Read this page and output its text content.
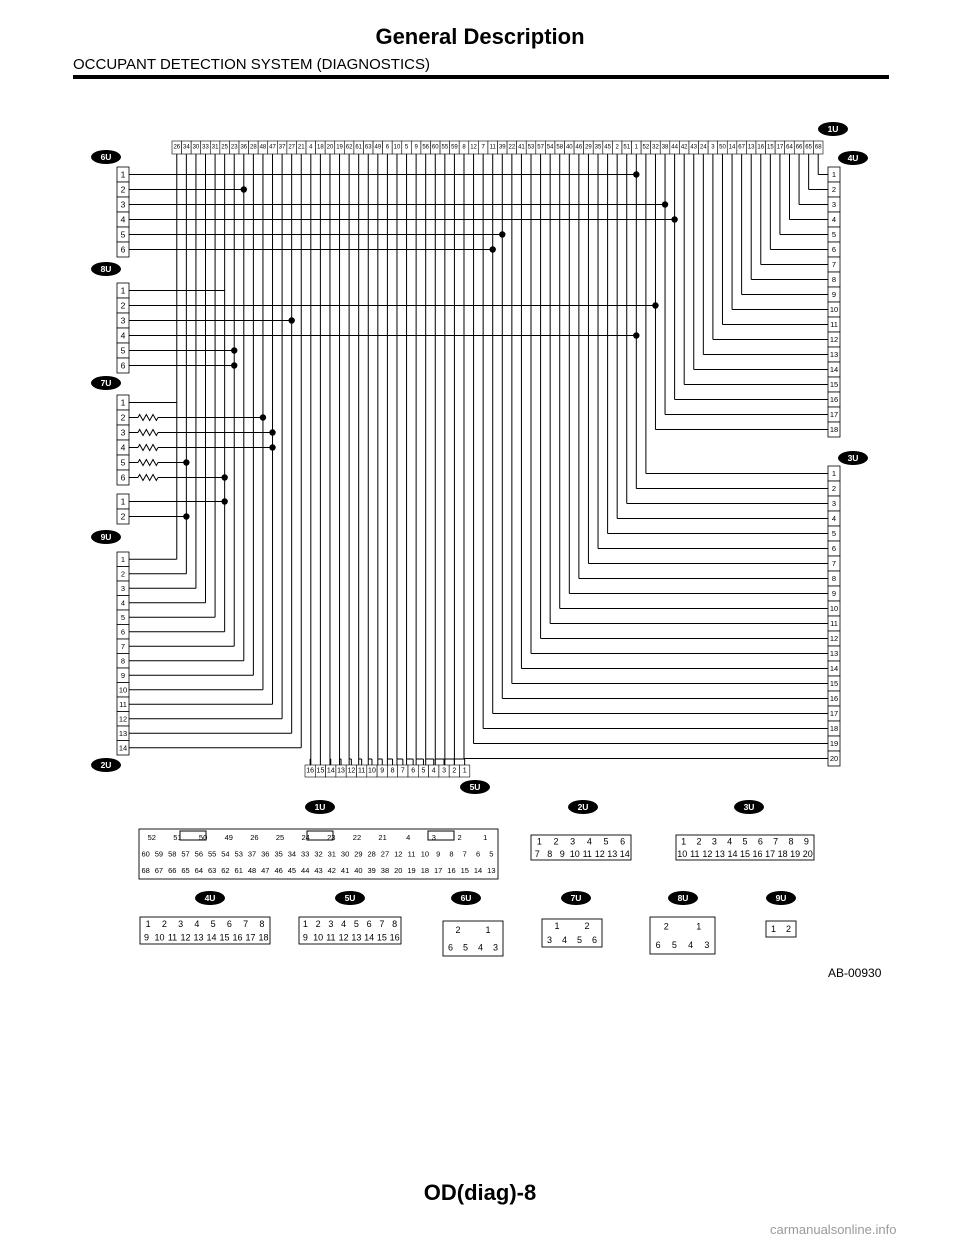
General Description
OCCUPANT DETECTION SYSTEM (DIAGNOSTICS)
26 34 30 33 31 25 23 36 28 48 47 37 27 21 4 18 20 19 62 61 63 49 6 10 5 9 56 60 55 59 8 12 7 11 39 22 41 53 57 54 58 40 46 29 35 45 2 51 1 52 32 38 44 42 43 24 3 50 14 67 13 16 15 17 64 66 65 68
1U
6U
1
2
3
4
5
6
8U
1
2
3
4
5
6
7U
1
2
3
4
5
6
1
2
9U
1
2
3
4
5
6
7
8
9
10
11
12
13
14
2U
4U
1
2
3
4
5
6
7
8
9
10
11
12
13
14
15
16
17
18
3U
1
2
3
4
5
6
7
8
9
10
11
12
13
14
15
16
17
18
19
20
16 15 14 13 12 11 10 9 8 7 6 5 4 3 2 1
5U
1U
52 51 50 49 26 25 24 23 22 21	4	3	2	1
60 59 58 57 56 55 54 53 37 36 35 34 33 32 31 30 29 28 27 12 11 10 9 8 7 6 5
68 67 66 65 64 63 62 61 48 47 46 45 44 43 42 41 40 39 38 20 19 18 17 16 15 14 13
2U
1 2 3 4 5 6
7 8 9 10 11 12 13 14
3U
1 2 3 4 5 6 7 8 9
10 11 12 13 14 15 16 17 18 19 20
4U
1 2 3 4 5 6 7 8
9 10 11 12 13 14 15 16 17 18
5U
1 2 3 4 5 6 7 8
9 10 11 12 13 14 15 16
6U
2	1
6 5 4 3
7U
1	2
3 4 5 6
8U
2	1
6 5 4 3
9U
1 2
AB-00930
OD(diag)-8
carmanualsonline.info
